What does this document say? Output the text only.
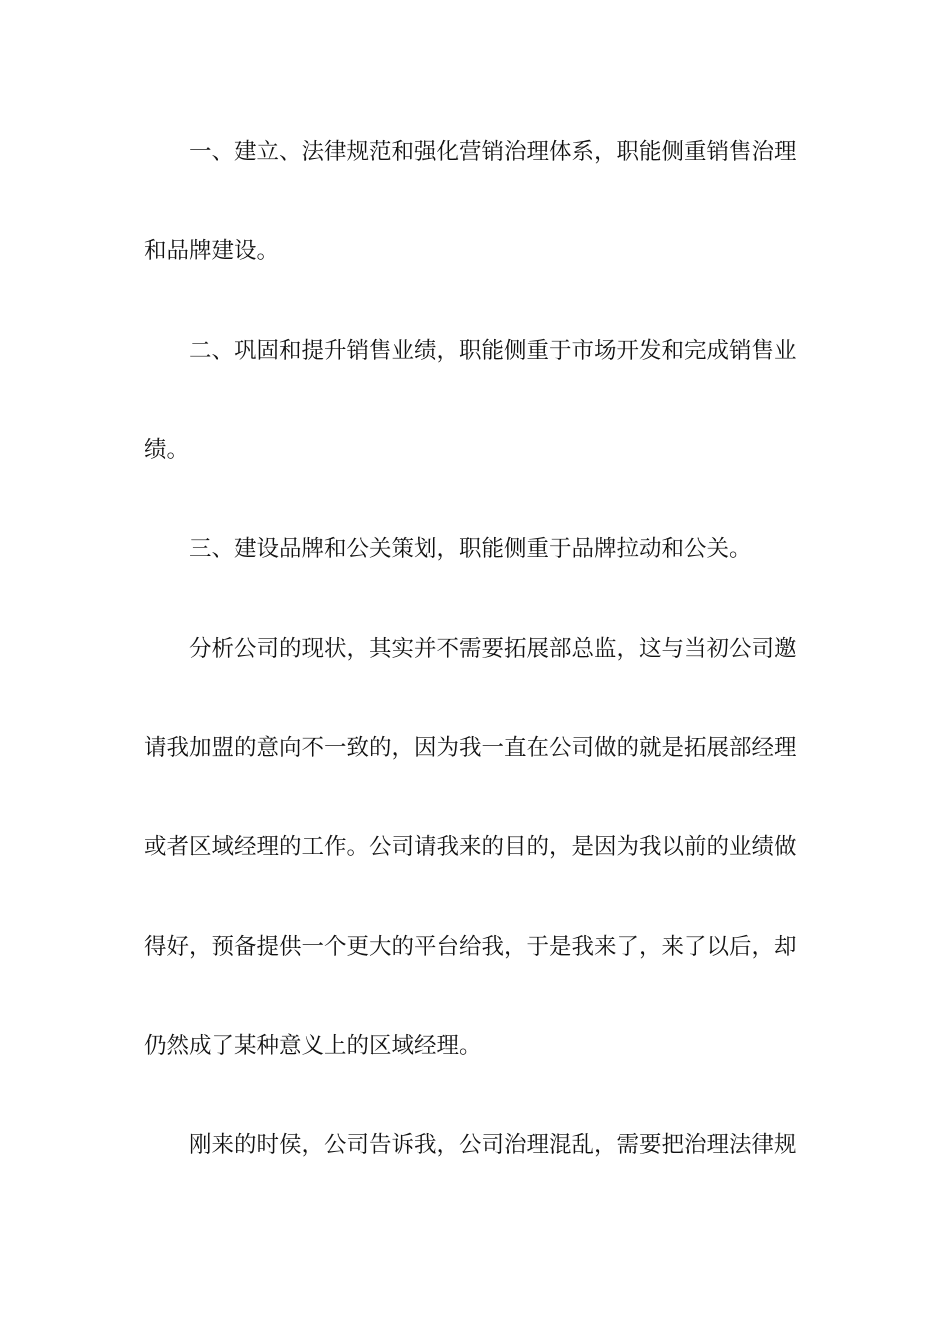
一、建立、法律规范和强化营销治理体系，职能侧重销售治理
和品牌建设。
二、巩固和提升销售业绩，职能侧重于市场开发和完成销售业
绩。
三、建设品牌和公关策划，职能侧重于品牌拉动和公关。
分析公司的现状，其实并不需要拓展部总监，这与当初公司邀
请我加盟的意向不一致的，因为我一直在公司做的就是拓展部经理
或者区域经理的工作。公司请我来的目的，是因为我以前的业绩做
得好，预备提供一个更大的平台给我，于是我来了，来了以后，却
仍然成了某种意义上的区域经理。
刚来的时侯，公司告诉我，公司治理混乱，需要把治理法律规
